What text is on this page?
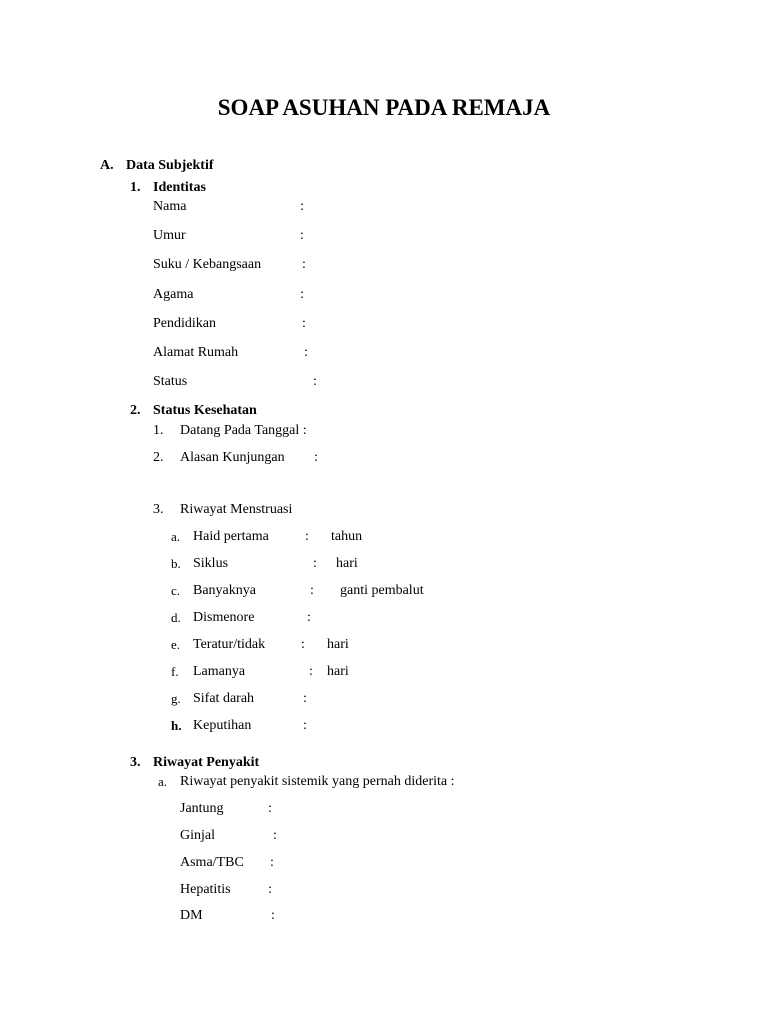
SOAP ASUHAN PADA REMAJA
A. Data Subjektif
1. Identitas
Nama	:
Umur	:
Suku / Kebangsaan	:
Agama	:
Pendidikan	:
Alamat Rumah	:
Status	:
2. Status Kesehatan
1. Datang Pada Tanggal :
2. Alasan Kunjungan :
3. Riwayat Menstruasi
a. Haid pertama	: tahun
b. Siklus	: hari
c. Banyaknya	: ganti pembalut
d. Dismenore	:
e. Teratur/tidak	: hari
f. Lamanya	: hari
g. Sifat darah	:
h. Keputihan	:
3. Riwayat Penyakit
a. Riwayat penyakit sistemik yang pernah diderita :
Jantung	:
Ginjal	:
Asma/TBC :
Hepatitis	:
DM	:
